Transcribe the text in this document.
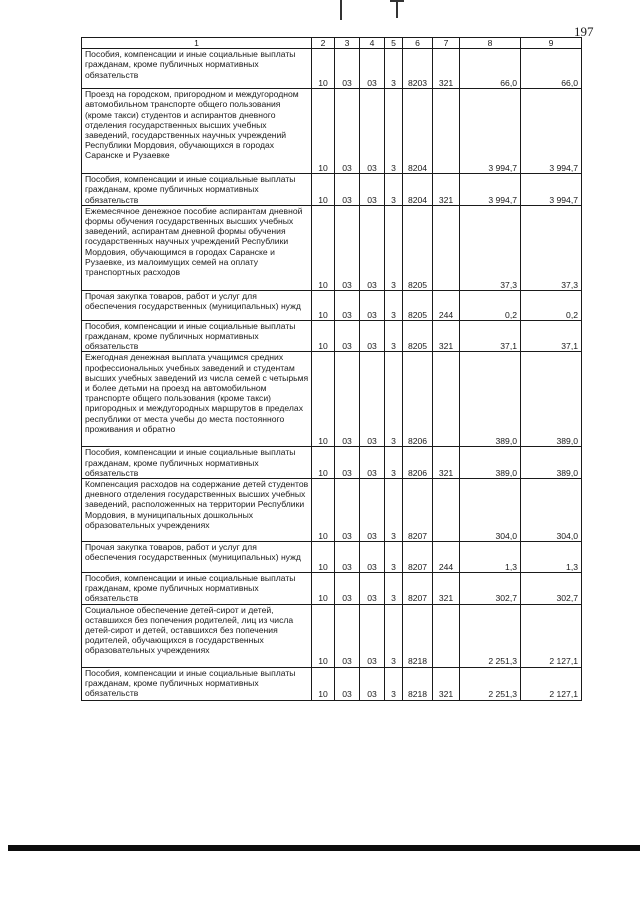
197
1	2	3	4	5	6	7	8	9
Пособия, компенсации и иные социальные выплаты гражданам, кроме публичных нормативных обязательств	10	03	03	3	8203	321	66,0	66,0
Проезд на городском, пригородном и междугородном автомобильном транспорте общего пользования (кроме такси) студентов и аспирантов дневного отделения государственных высших учебных заведений, государственных научных учреждений Республики Мордовия, обучающихся в городах Саранске и Рузаевке	10	03	03	3	8204		3 994,7	3 994,7
Пособия, компенсации и иные социальные выплаты гражданам, кроме публичных нормативных обязательств	10	03	03	3	8204	321	3 994,7	3 994,7
Ежемесячное денежное пособие аспирантам дневной формы обучения государственных высших учебных заведений, аспирантам дневной формы обучения государственных научных учреждений Республики Мордовия, обучающимся в городах Саранске и Рузаевке, из малоимущих семей на оплату транспортных расходов	10	03	03	3	8205		37,3	37,3
Прочая закупка товаров, работ и услуг для обеспечения государственных (муниципальных) нужд	10	03	03	3	8205	244	0,2	0,2
Пособия, компенсации и иные социальные выплаты гражданам, кроме публичных нормативных обязательств	10	03	03	3	8205	321	37,1	37,1
Ежегодная денежная выплата учащимся средних профессиональных учебных заведений и студентам высших учебных заведений из числа семей с четырьмя и более детьми на проезд на автомобильном транспорте общего пользования (кроме такси) пригородных и междугородных маршрутов в пределах республики от места учебы до места постоянного проживания и обратно	10	03	03	3	8206		389,0	389,0
Пособия, компенсации и иные социальные выплаты гражданам, кроме публичных нормативных обязательств	10	03	03	3	8206	321	389,0	389,0
Компенсация расходов на содержание детей студентов дневного отделения государственных высших учебных заведений, расположенных на территории Республики Мордовия, в муниципальных дошкольных образовательных учреждениях	10	03	03	3	8207		304,0	304,0
Прочая закупка товаров, работ и услуг для обеспечения государственных (муниципальных) нужд	10	03	03	3	8207	244	1,3	1,3
Пособия, компенсации и иные социальные выплаты гражданам, кроме публичных нормативных обязательств	10	03	03	3	8207	321	302,7	302,7
Социальное обеспечение детей-сирот и детей, оставшихся без попечения родителей, лиц из числа детей-сирот и детей, оставшихся без попечения родителей, обучающихся в государственных образовательных учреждениях	10	03	03	3	8218		2 251,3	2 127,1
Пособия, компенсации и иные социальные выплаты гражданам, кроме публичных нормативных обязательств	10	03	03	3	8218	321	2 251,3	2 127,1
